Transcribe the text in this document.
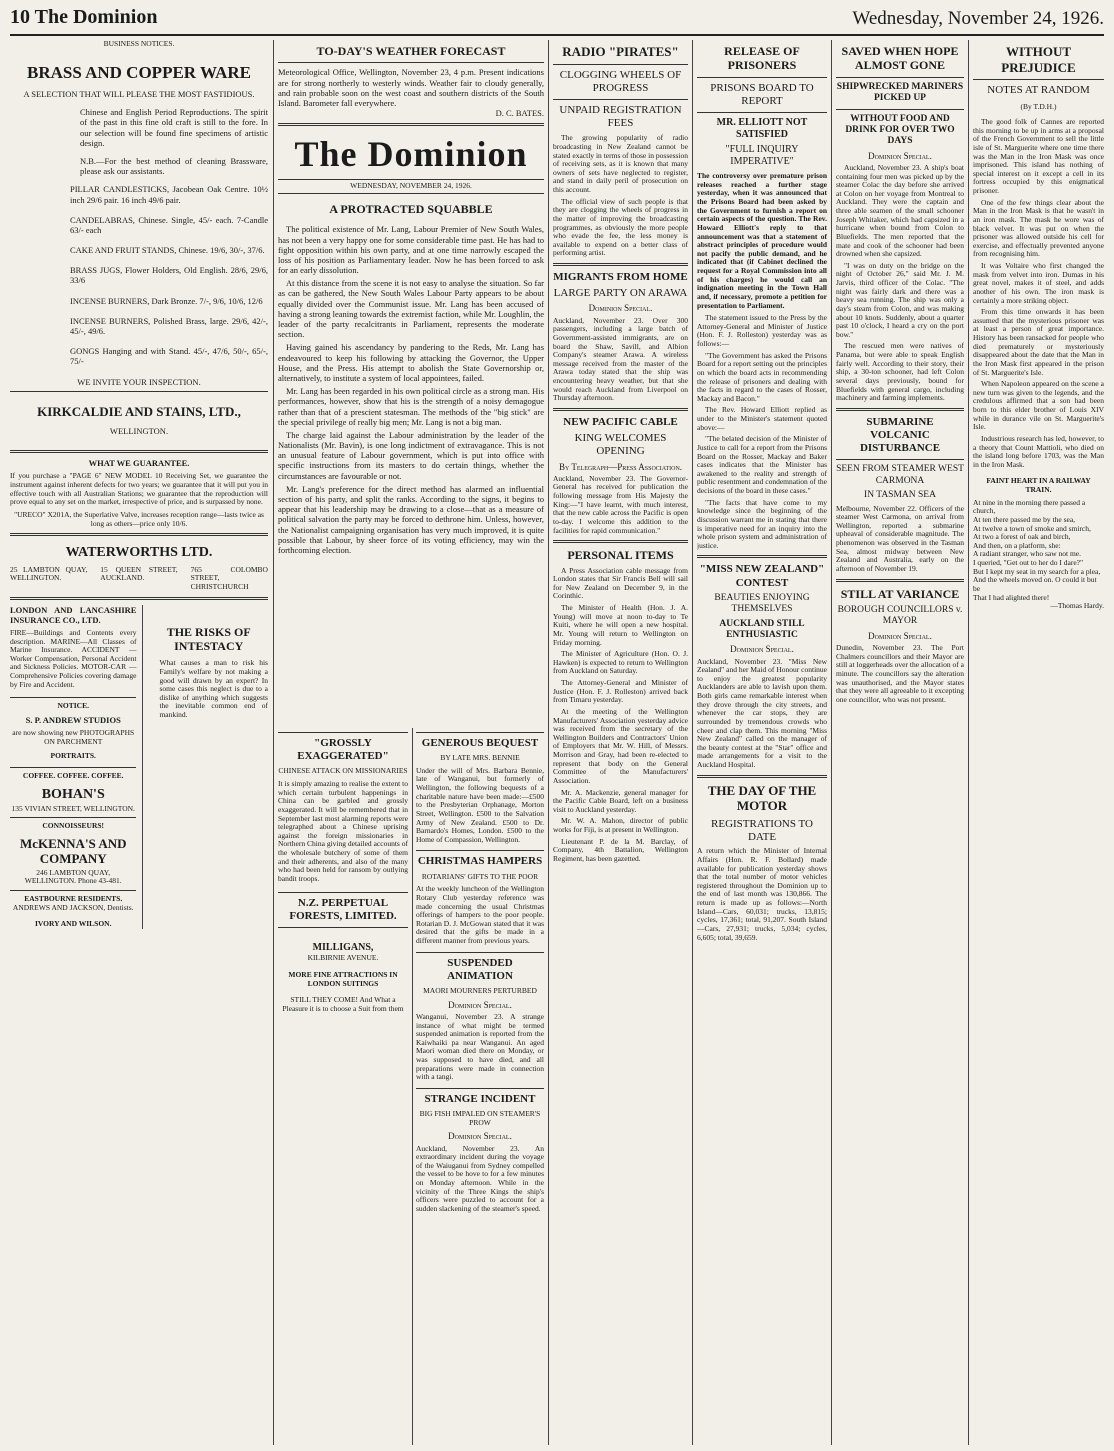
10 The Dominion	Wednesday, November 24, 1926.
BUSINESS NOTICES.
BRASS AND COPPER WARE
A SELECTION THAT WILL PLEASE THE MOST FASTIDIOUS.
Chinese and English Period Reproductions. The spirit of the past in this fine old craft is still to the fore. In our selection will be found fine specimens of artistic design.
N.B.—For the best method of cleaning Brassware, please ask our assistants.
PILLAR CANDLESTICKS, Jacobean Oak Centre. 10½ inch 29/6 pair. 16 inch 49/6 pair.
CANDELABRAS, Chinese. Single, 45/- each. 7-Candle 63/- each
CAKE AND FRUIT STANDS, Chinese. 19/6, 30/-, 37/6.
BRASS JUGS, Flower Holders, Old English. 28/6, 29/6, 33/6
INCENSE BURNERS, Dark Bronze. 7/-, 9/6, 10/6, 12/6
INCENSE BURNERS, Polished Brass, large. 29/6, 42/-, 45/-, 49/6.
GONGS Hanging and with Stand. 45/-, 47/6, 50/-, 65/-, 75/-
WE INVITE YOUR INSPECTION.
KIRKCALDIE AND STAINS, LTD.,
WELLINGTON.
WHAT WE GUARANTEE.
If you purchase a "PAGE 6" NEW MODEL 10 Receiving Set, we guarantee the instrument against inherent defects for two years; we guarantee that it will put you in effective touch with all Australian Stations; we guarantee that the reproduction will prove equal to any set on the market, irrespective of price, and is surpassed by none.
"URECO" X201A, the Superlative Valve, increases reception range—lasts twice as long as others—price only 10/6.
WATERWORTHS LTD.
25 LAMBTON QUAY, WELLINGTON.
15 QUEEN STREET, AUCKLAND.
765 COLOMBO STREET, CHRISTCHURCH
LONDON AND LANCASHIRE INSURANCE CO., LTD.
FIRE—Buildings and Contents every description. MARINE—All Classes of Marine Insurance. ACCIDENT — Worker Compensation, Personal Accident and Sickness Policies. MOTOR-CAR — Comprehensive Policies covering damage by Fire and Accident.
NOTICE.
S. P. ANDREW STUDIOS
are now showing new PHOTOGRAPHS ON PARCHMENT
PORTRAITS.
COFFEE. COFFEE. COFFEE.
BOHAN'S
135 VIVIAN STREET, WELLINGTON.
CONNOISSEURS!
McKENNA'S AND COMPANY
246 LAMBTON QUAY, WELLINGTON. Phone 43-481.
EASTBOURNE RESIDENTS.
ANDREWS AND JACKSON, Dentists.
IVORY AND WILSON.
THE RISKS OF INTESTACY
What causes a man to risk his Family's welfare by not making a good will drawn by an expert? In some cases this neglect is due to a dislike of anything which suggests the inevitable common end of mankind.
TO-DAY'S WEATHER FORECAST
Meteorological Office, Wellington, November 23, 4 p.m. Present indications are for strong northerly to westerly winds. Weather fair to cloudy generally, and rain probable soon on the west coast and southern districts of the South Island. Barometer fall everywhere.
D. C. BATES.
The Dominion
WEDNESDAY, NOVEMBER 24, 1926.
A PROTRACTED SQUABBLE

The political existence of Mr. Lang, Labour Premier of New South Wales, has not been a very happy one for some considerable time past. He has had to fight opposition within his own party, and at one time narrowly escaped the loss of his position as Parliamentary leader. Now he has been forced to ask for an early dissolution.

At this distance from the scene it is not easy to analyse the situation. So far as can be gathered, the New South Wales Labour Party appears to be about equally divided over the Communist issue. Mr. Lang has been accused of having a strong leaning towards the extremist faction, while Mr. Loughlin, the leader of the party recalcitrants in Parliament, represents the moderate section.

Having gained his ascendancy by pandering to the Reds, Mr. Lang has endeavoured to keep his following by attacking the Governor, the Upper House, and the Press. His attempt to abolish the State Governorship or, alternatively, to institute a system of local appointees, failed.

Mr. Lang has been regarded in his own political circle as a strong man. His performances, however, show that his is the strength of a noisy demagogue rather than that of a prescient statesman. The methods of the "big stick" are the special privilege of really big men; Mr. Lang is not a big man.

The charge laid against the Labour administration by the leader of the Nationalists (Mr. Bavin), is one long indictment of extravagance. This is not an unusual feature of Labour government, which is put into office with specific instructions from its masters to do certain things, whether the circumstances are favourable or not.

Mr. Lang's preference for the direct method has alarmed an influential section of his party, and split the ranks. According to the signs, it begins to appear that his leadership may be drawing to a close—that as a measure of political salvation the party may be forced to dethrone him. Unless, however, the Nationalist campaigning organisation has very much improved, it is quite possible that Labour, by sheer force of its voting efficiency, may win the forthcoming election.

"GROSSLY EXAGGERATED"
CHINESE ATTACK ON MISSIONARIES
It is simply amazing to realise the extent to which certain turbulent happenings in China can be garbled and grossly exaggerated. It will be remembered that in September last most alarming reports were telegraphed about a Chinese uprising against the foreign missionaries in Northern China giving detailed accounts of the wholesale butchery of some of them and their adherents, and also of the many who had been held for ransom by outlying bandit troops.
N.Z. PERPETUAL FORESTS, LIMITED.
MILLIGANS,
KILBIRNIE AVENUE.
MORE FINE ATTRACTIONS IN LONDON SUITINGS
STILL THEY COME! And What a Pleasure it is to choose a Suit from them
GENEROUS BEQUEST
BY LATE MRS. BENNIE
Under the will of Mrs. Barbara Bennie, late of Wanganui, but formerly of Wellington, the following bequests of a charitable nature have been made:—£500 to the Presbyterian Orphanage, Morton Street, Wellington. £500 to the Salvation Army of New Zealand. £500 to Dr. Barnardo's Homes, London. £500 to the Home of Compassion, Wellington.
CHRISTMAS HAMPERS
ROTARIANS' GIFTS TO THE POOR
At the weekly luncheon of the Wellington Rotary Club yesterday reference was made concerning the usual Christmas offerings of hampers to the poor people. Rotarian D. J. McGowan stated that it was desired that the gifts be made in a different manner from previous years.
SUSPENDED ANIMATION
MAORI MOURNERS PERTURBED
Dominion Special.
Wanganui, November 23. A strange instance of what might be termed suspended animation is reported from the Kaiwhaiki pa near Wanganui. An aged Maori woman died there on Monday, or was supposed to have died, and all preparations were made in connection with a tangi.
STRANGE INCIDENT
BIG FISH IMPALED ON STEAMER'S PROW
Dominion Special.
Auckland, November 23. An extraordinary incident during the voyage of the Waiuganui from Sydney compelled the vessel to be hove to for a few minutes on Monday afternoon. While in the vicinity of the Three Kings the ship's officers were puzzled to account for a sudden slackening of the steamer's speed.
RADIO "PIRATES"
CLOGGING WHEELS OF PROGRESS
UNPAID REGISTRATION FEES

The growing popularity of radio broadcasting in New Zealand cannot be stated exactly in terms of those in possession of receiving sets, as it is known that many owners of sets have neglected to register, and stand in daily peril of prosecution on this account.

The official view of such people is that they are clogging the wheels of progress in the matter of improving the broadcasting programmes, as obviously the more people who evade the fee, the less money is available to expend on a better class of performing artist.

MIGRANTS FROM HOME
LARGE PARTY ON ARAWA
Dominion Special.
Auckland, November 23. Over 300 passengers, including a large batch of Government-assisted immigrants, are on board the Shaw, Savill, and Albion Company's steamer Arawa. A wireless message received from the master of the Arawa today stated that the ship was encountering heavy weather, but that she would reach Auckland from Liverpool on Thursday afternoon.
NEW PACIFIC CABLE
KING WELCOMES OPENING
By Telegraph—Press Association.
Auckland, November 23. The Governor-General has received for publication the following message from His Majesty the King:—"I have learnt, with much interest, that the new cable across the Pacific is open to-day. I welcome this addition to the facilities for rapid communication."
PERSONAL ITEMS

A Press Association cable message from London states that Sir Francis Bell will sail for New Zealand on December 9, in the Corinthic.

The Minister of Health (Hon. J. A. Young) will move at noon to-day to Te Kuiti, where he will open a new hospital. Mr. Young will return to Wellington on Friday morning.

The Minister of Agriculture (Hon. O. J. Hawken) is expected to return to Wellington from Auckland on Saturday.

The Attorney-General and Minister of Justice (Hon. F. J. Rolleston) arrived back from Timaru yesterday.

At the meeting of the Wellington Manufacturers' Association yesterday advice was received from the secretary of the Wellington Builders and Contractors' Union of Employers that Mr. W. Hill, of Messrs. Morrison and Gray, had been re-elected to represent that body on the General Committee of the Manufacturers' Association.

Mr. A. Mackenzie, general manager for the Pacific Cable Board, left on a business visit to Auckland yesterday.

Mr. W. A. Mahon, director of public works for Fiji, is at present in Wellington.

Lieutenant P. de la M. Barclay, of Company, 4th Battalion, Wellington Regiment, has been gazetted.

RELEASE OF PRISONERS
PRISONS BOARD TO REPORT
MR. ELLIOTT NOT SATISFIED
"FULL INQUIRY IMPERATIVE"
The controversy over premature prison releases reached a further stage yesterday, when it was announced that the Prisons Board had been asked by the Government to furnish a report on certain aspects of the question. The Rev. Howard Elliott's reply to that announcement was that a statement of abstract principles of procedure would not pacify the public demand, and he indicated that (if Cabinet declined the request for a Royal Commission into all of his charges) he would call an indignation meeting in the Town Hall and, if necessary, promote a petition for presentation to Parliament.

The statement issued to the Press by the Attorney-General and Minister of Justice (Hon. F. J. Rolleston) yesterday was as follows:—

"The Government has asked the Prisons Board for a report setting out the principles on which the board acts in recommending the release of prisoners and dealing with the facts in regard to the cases of Rosser, Mackay and Bacon."

The Rev. Howard Elliott replied as under to the Minister's statement quoted above:—

"The belated decision of the Minister of Justice to call for a report from the Prisons Board on the Rosser, Mackay and Baker cases indicates that the Minister has awakened to the reality and strength of public resentment and condemnation of the decisions of the board in these cases."

"The facts that have come to my knowledge since the beginning of the discussion warrant me in stating that there is imperative need for an inquiry into the whole prison system and administration of justice.

"MISS NEW ZEALAND" CONTEST
BEAUTIES ENJOYING THEMSELVES
AUCKLAND STILL ENTHUSIASTIC
Dominion Special.
Auckland, November 23. "Miss New Zealand" and her Maid of Honour continue to enjoy the greatest popularity Aucklanders are able to lavish upon them. Both girls came remarkable interest when they drove through the city streets, and whenever the car stops, they are surrounded by tremendous crowds who cheer and clap them. This morning "Miss New Zealand" called on the manager of the beauty contest at the "Star" office and made arrangements for a visit to the Auckland Hospital.
THE DAY OF THE MOTOR
REGISTRATIONS TO DATE
A return which the Minister of Internal Affairs (Hon. R. F. Bollard) made available for publication yesterday shows that the total number of motor vehicles registered throughout the Dominion up to the end of last month was 130,866. The return is made up as follows:—North Island—Cars, 60,031; trucks, 13,815; cycles, 17,361; total, 91,207. South Island—Cars, 27,931; trucks, 5,034; cycles, 6,605; total, 39,659.
SAVED WHEN HOPE ALMOST GONE
SHIPWRECKED MARINERS PICKED UP
WITHOUT FOOD AND DRINK FOR OVER TWO DAYS
Dominion Special.

Auckland, November 23. A ship's boat containing four men was picked up by the steamer Colac the day before she arrived at Colon on her voyage from Montreal to Auckland. They were the captain and three able seamen of the small schooner Joseph Whitaker, which had capsized in a hurricane when bound from Colon to Bluefields. The men reported that the mate and cook of the schooner had been drowned when she capsized.

"I was on duty on the bridge on the night of October 26," said Mr. J. M. Jarvis, third officer of the Colac. "The night was fairly dark and there was a heavy sea running. The ship was only a day's steam from Colon, and was making about 10 knots. Suddenly, about a quarter past 10 o'clock, I heard a cry on the port bow."

The rescued men were natives of Panama, but were able to speak English fairly well. According to their story, their ship, a 30-ton schooner, had left Colon several days previously, bound for Bluefields with general cargo, including machinery and farming implements.

SUBMARINE VOLCANIC DISTURBANCE
SEEN FROM STEAMER WEST CARMONA
IN TASMAN SEA
Melbourne, November 22. Officers of the steamer West Carmona, on arrival from Wellington, reported a submarine upheaval of considerable magnitude. The phenomenon was observed in the Tasman Sea, almost midway between New Zealand and Australia, early on the afternoon of November 19.
STILL AT VARIANCE
BOROUGH COUNCILLORS v. MAYOR
Dominion Special.
Dunedin, November 23. The Port Chalmers councillors and their Mayor are still at loggerheads over the allocation of a minute. The councillors say the alteration was unauthorised, and the Mayor states that they were all agreeable to it excepting one councillor, who was not present.
WITHOUT PREJUDICE
NOTES AT RANDOM
(By T.D.H.)

The good folk of Cannes are reported this morning to be up in arms at a proposal of the French Government to sell the little isle of St. Marguerite where one time there was the Man in the Iron Mask was once imprisoned. This island has nothing of special interest on it except a cell in its fortress occupied by this enigmatical prisoner.

One of the few things clear about the Man in the Iron Mask is that he wasn't in an iron mask. The mask he wore was of black velvet. It was put on when the prisoner was allowed outside his cell for exercise, and effectually prevented anyone from recognising him.

It was Voltaire who first changed the mask from velvet into iron. Dumas in his great novel, makes it of steel, and adds another of his own. The iron mask is certainly a more striking object.

From this time onwards it has been assumed that the mysterious prisoner was at least a person of great importance. History has been ransacked for people who died prematurely or mysteriously disappeared about the date that the Man in the Iron Mask first appeared in the prison of St. Marguerite's Isle.

When Napoleon appeared on the scene a new turn was given to the legends, and the credulous affirmed that a son had been born to this elder brother of Louis XIV while in durance vile on St. Marguerite's Isle.

Industrious research has led, however, to a theory that Count Mattioli, who died on the island long before 1703, was the Man in the Iron Mask.

FAINT HEART IN A RAILWAY TRAIN.
At nine in the morning there passed a church,
At ten there passed me by the sea,
At twelve a town of smoke and smirch,
At two a forest of oak and birch,
And then, on a platform, she:
A radiant stranger, who saw not me.
I queried, "Get out to her do I dare?"
But I kept my seat in my search for a plea,
And the wheels moved on. O could it but be
That I had alighted there!
—Thomas Hardy.
